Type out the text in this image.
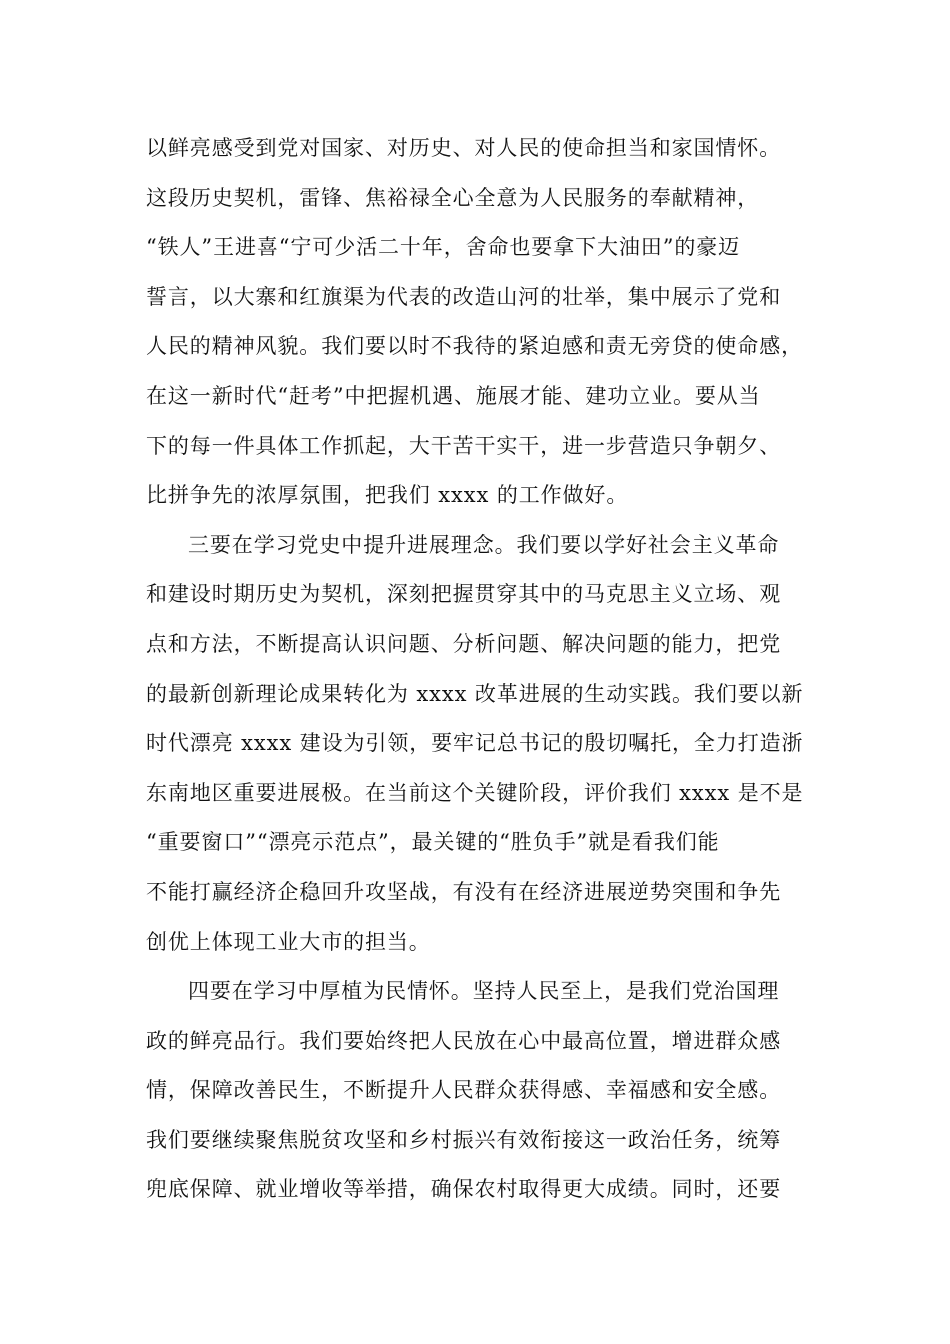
以鲜亮感受到党对国家、对历史、对人民的使命担当和家国情怀。
这段历史契机，雷锋、焦裕禄全心全意为人民服务的奉献精神，
“铁人”王进喜“宁可少活二十年，舍命也要拿下大油田”的豪迈
誓言，以大寨和红旗渠为代表的改造山河的壮举，集中展示了党和
人民的精神风貌。我们要以时不我待的紧迫感和责无旁贷的使命感，
在这一新时代“赶考”中把握机遇、施展才能、建功立业。要从当
下的每一件具体工作抓起，大干苦干实干，进一步营造只争朝夕、
比拼争先的浓厚氛围，把我们 xxxx 的工作做好。
三要在学习党史中提升进展理念。我们要以学好社会主义革命
和建设时期历史为契机，深刻把握贯穿其中的马克思主义立场、观
点和方法，不断提高认识问题、分析问题、解决问题的能力，把党
的最新创新理论成果转化为 xxxx 改革进展的生动实践。我们要以新
时代漂亮 xxxx 建设为引领，要牢记总书记的殷切嘱托，全力打造浙
东南地区重要进展极。在当前这个关键阶段，评价我们 xxxx 是不是
“重要窗口”“漂亮示范点”，最关键的“胜负手”就是看我们能
不能打赢经济企稳回升攻坚战，有没有在经济进展逆势突围和争先
创优上体现工业大市的担当。
四要在学习中厚植为民情怀。坚持人民至上，是我们党治国理
政的鲜亮品行。我们要始终把人民放在心中最高位置，增进群众感
情，保障改善民生，不断提升人民群众获得感、幸福感和安全感。
我们要继续聚焦脱贫攻坚和乡村振兴有效衔接这一政治任务，统筹
兜底保障、就业增收等举措，确保农村取得更大成绩。同时，还要
